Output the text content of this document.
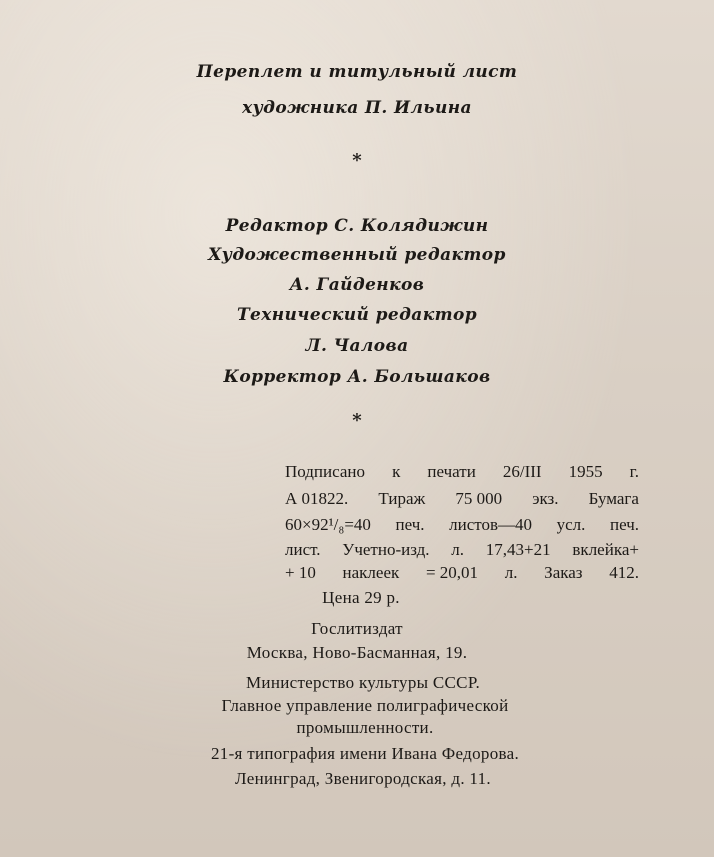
Переплет и титульный лист
художника П. Ильина
*
Редактор С. Колядижин
Художественный редактор
А. Гайденков
Технический редактор
Л. Чалова
Корректор А. Большаков
*
Подписано к печати 26/III 1955 г.
А 01822. Тираж 75 000 экз. Бумага
60×92¹/₈=40 печ. листов—40 усл. печ.
лист. Учетно-изд. л. 17,43+21 вклейка+
+ 10 наклеек = 20,01 л. Заказ 412.
Цена 29 р.
Гослитиздат
Москва, Ново-Басманная, 19.
Министерство культуры СССР.
Главное управление полиграфической
промышленности.
21-я типография имени Ивана Федорова.
Ленинград, Звенигородская, д. 11.
